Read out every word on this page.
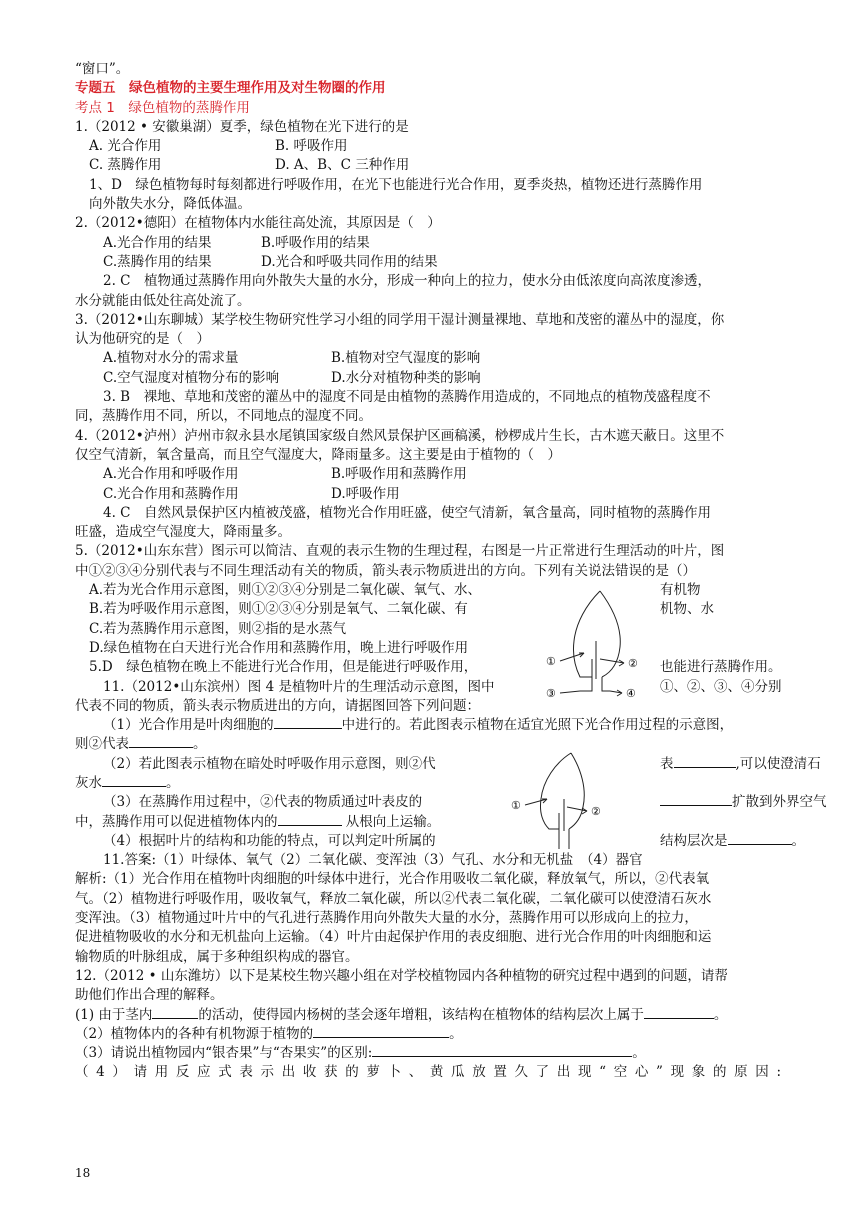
“窗口”。
专题五　绿色植物的主要生理作用及对生物圈的作用
考点 1　绿色植物的蒸腾作用
1.（2012 • 安徽巢湖）夏季，绿色植物在光下进行的是
A. 光合作用	B. 呼吸作用
C. 蒸腾作用	D. A、B、C 三种作用
1、D　绿色植物每时每刻都进行呼吸作用，在光下也能进行光合作用，夏季炎热，植物还进行蒸腾作用
向外散失水分，降低体温。
2.（2012•德阳）在植物体内水能往高处流，其原因是（　）
A.光合作用的结果	B.呼吸作用的结果
C.蒸腾作用的结果	D.光合和呼吸共同作用的结果
2. C　植物通过蒸腾作用向外散失大量的水分，形成一种向上的拉力，使水分由低浓度向高浓度渗透，
水分就能由低处往高处流了。
3.（2012•山东聊城）某学校生物研究性学习小组的同学用干湿计测量裸地、草地和茂密的灌丛中的湿度，你
认为他研究的是（　）
A.植物对水分的需求量	B.植物对空气湿度的影响
C.空气湿度对植物分布的影响	D.水分对植物种类的影响
3. B　裸地、草地和茂密的灌丛中的湿度不同是由植物的蒸腾作用造成的，不同地点的植物茂盛程度不
同，蒸腾作用不同，所以，不同地点的湿度不同。
4.（2012•泸州）泸州市叙永县水尾镇国家级自然风景保护区画稿溪，桫椤成片生长，古木遮天蔽日。这里不
仅空气清新，氧含量高，而且空气湿度大，降雨量多。这主要是由于植物的（　）
A.光合作用和呼吸作用	B.呼吸作用和蒸腾作用
C.光合作用和蒸腾作用	D.呼吸作用
4. C　自然风景保护区内植被茂盛，植物光合作用旺盛，使空气清新，氧含量高，同时植物的蒸腾作用
旺盛，造成空气湿度大，降雨量多。
5.（2012•山东东营）图示可以简洁、直观的表示生物的生理过程，右图是一片正常进行生理活动的叶片，图
中①②③④分别代表与不同生理活动有关的物质，箭头表示物质进出的方向。下列有关说法错误的是（）
A.若为光合作用示意图，则①②③④分别是二氧化碳、氧气、水、	有机物
B.若为呼吸作用示意图，则①②③④分别是氧气、二氧化碳、有	机物、水
C.若为蒸腾作用示意图，则②指的是水蒸气
D.绿色植物在白天进行光合作用和蒸腾作用，晚上进行呼吸作用
5.D　绿色植物在晚上不能进行光合作用，但是能进行呼吸作用，	也能进行蒸腾作用。
①	②
③	④
11.（2012•山东滨州）图 4 是植物叶片的生理活动示意图，图中	①、②、③、④分别
代表不同的物质，箭头表示物质进出的方向，请据图回答下列问题：
（1）光合作用是叶肉细胞的	中进行的。若此图表示植物在适宜光照下光合作用过程的示意图，
则②代表	。
（2）若此图表示植物在暗处时呼吸作用示意图，则②代	表	,可以使澄清石
灰水	。
（3）在蒸腾作用过程中，②代表的物质通过叶表皮的	扩散到外界空气
中，蒸腾作用可以促进植物体内的	从根向上运输。
（4）根据叶片的结构和功能的特点，可以判定叶所属的	结构层次是	。
①	②
11.答案:（1）叶绿体、氧气（2）二氧化碳、变浑浊（3）气孔、水分和无机盐　（4）器官
解析:（1）光合作用在植物叶肉细胞的叶绿体中进行，光合作用吸收二氧化碳，释放氧气，所以，②代表氧
气。（2）植物进行呼吸作用，吸收氧气，释放二氧化碳，所以②代表二氧化碳，二氧化碳可以使澄清石灰水
变浑浊。（3）植物通过叶片中的气孔进行蒸腾作用向外散失大量的水分，蒸腾作用可以形成向上的拉力，
促进植物吸收的水分和无机盐向上运输。（4）叶片由起保护作用的表皮细胞、进行光合作用的叶肉细胞和运
输物质的叶脉组成，属于多种组织构成的器官。
12.（2012 • 山东潍坊）以下是某校生物兴趣小组在对学校植物园内各种植物的研究过程中遇到的问题，请帮
助他们作出合理的解释。
(1) 由于茎内	的活动，使得园内杨树的茎会逐年增粗，该结构在植物体的结构层次上属于	。
（2）植物体内的各种有机物源于植物的	。
（3）请说出植物园内“银杏果”与“杏果实”的区别:	。
（4）请用反应式表示出收获的萝卜、黄瓜放置久了出现“空心”现象的原因:
18
